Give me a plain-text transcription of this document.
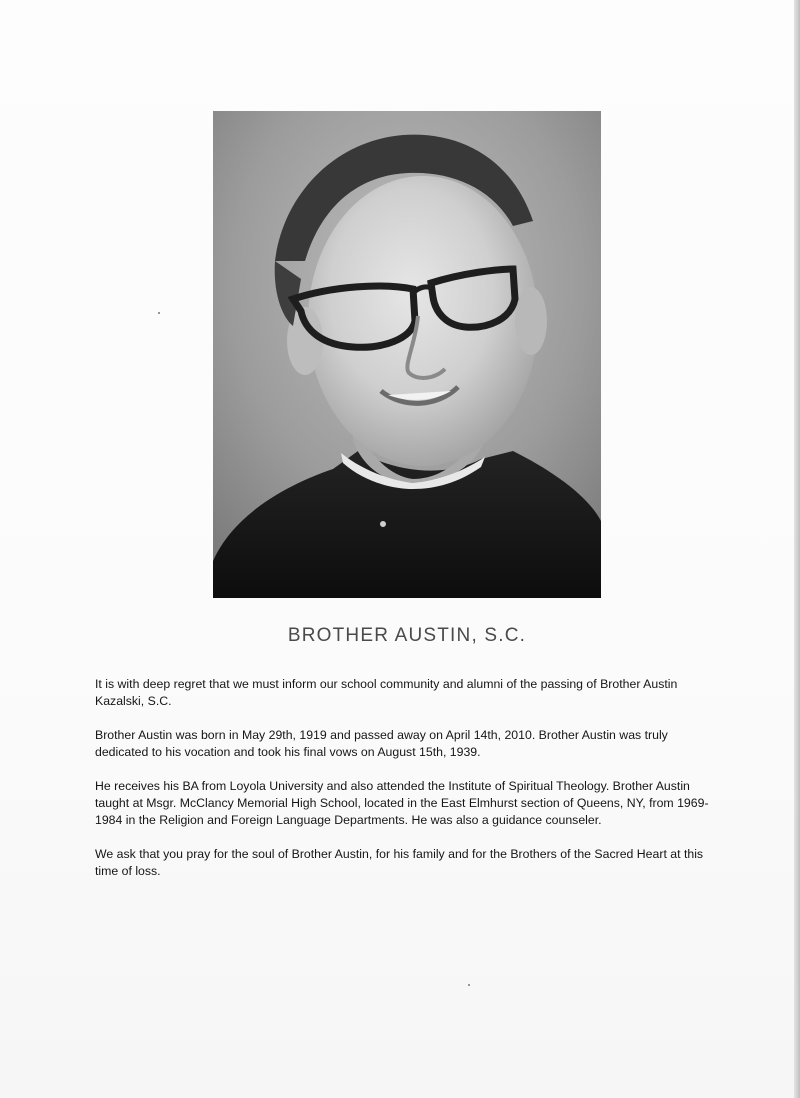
BROTHER AUSTIN, S.C.

It is with deep regret that we must inform our school community and alumni of the passing of Brother Austin Kazalski, S.C.

Brother Austin was born in May 29th, 1919 and passed away on April 14th, 2010. Brother Austin was truly dedicated to his vocation and took his final vows on August 15th, 1939.

He receives his BA from Loyola University and also attended the Institute of Spiritual Theology. Brother Austin taught at Msgr. McClancy Memorial High School, located in the East Elmhurst section of Queens, NY, from 1969-1984 in the Religion and Foreign Language Departments. He was also a guidance counseler.

We ask that you pray for the soul of Brother Austin, for his family and for the Brothers of the Sacred Heart at this time of loss.
